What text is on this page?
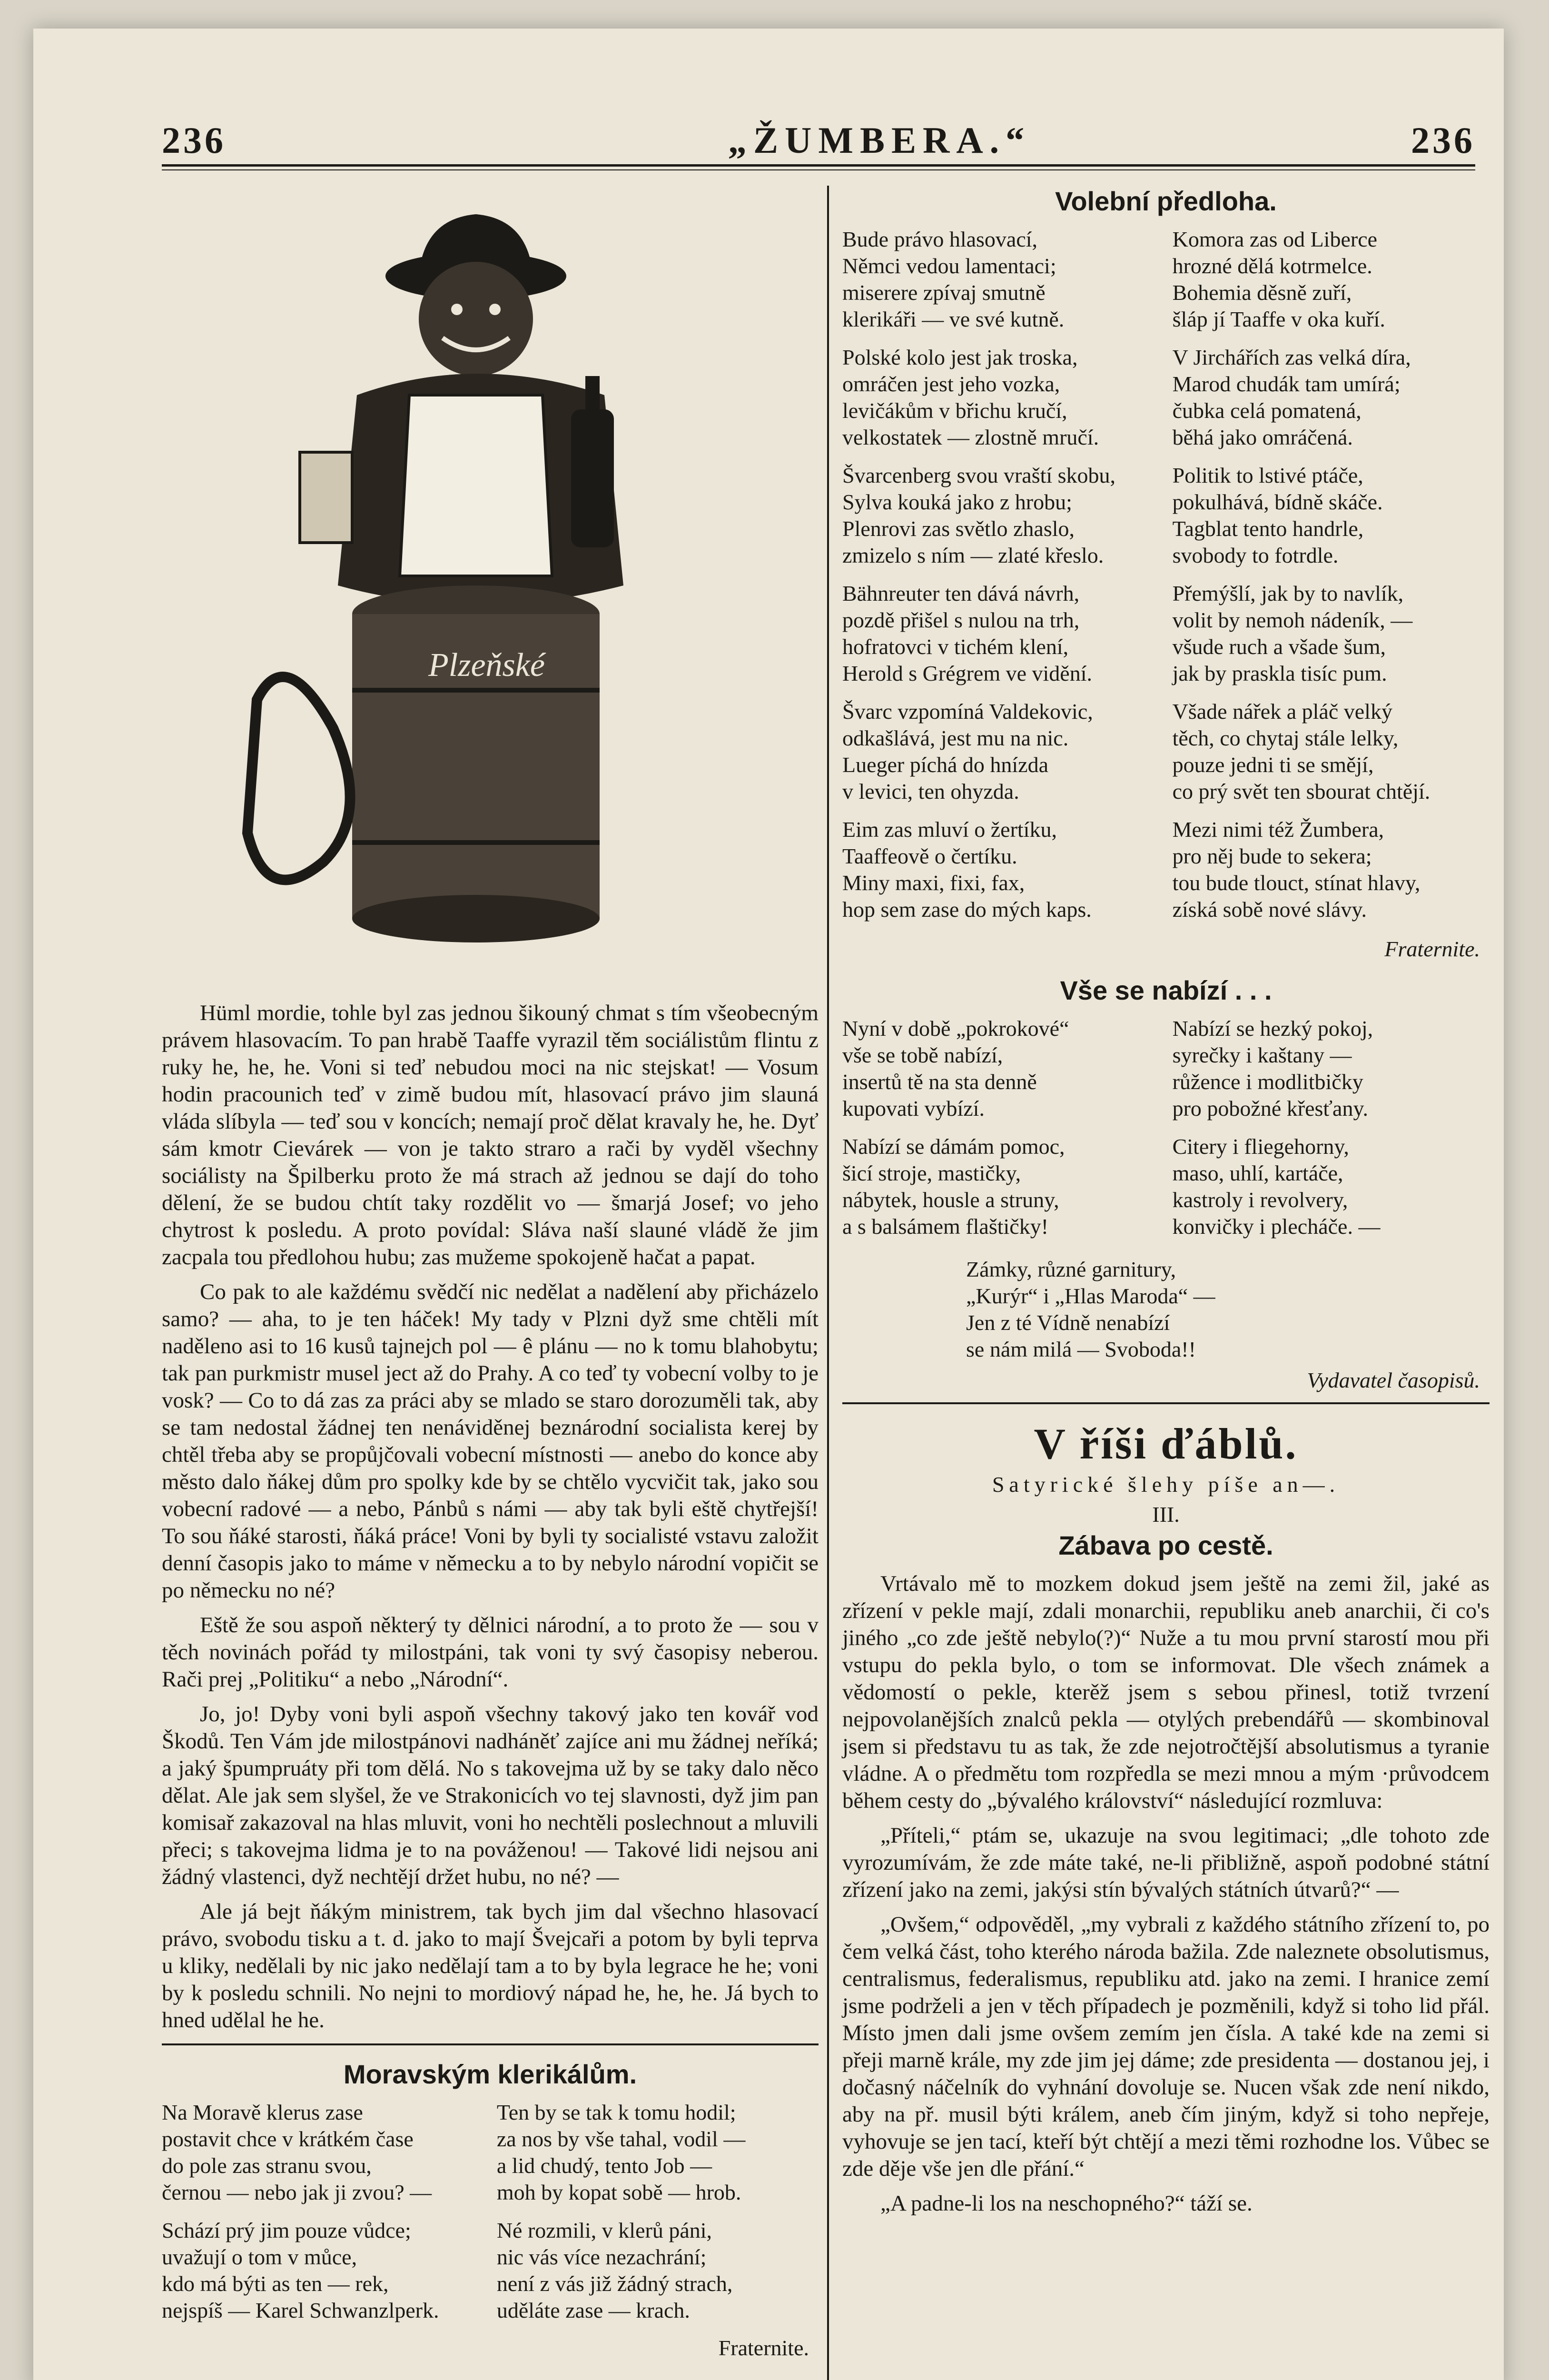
236	„ŽUMBERA.“	236
Plzeňské

Hüml mordie, tohle byl zas jednou šikouný chmat s tím všeobecným právem hlasovacím. To pan hrabě Taaffe vyrazil těm sociálistům flintu z ruky he, he, he. Voni si teď nebudou moci na nic stejskat! — Vosum hodin pracounich teď v zimě budou mít, hlasovací právo jim slauná vláda slíbyla — teď sou v koncích; nemají proč dělat kravaly he, he. Dyť sám kmotr Cievárek — von je takto straro a rači by vyděl všechny sociálisty na Špilberku proto že má strach až jednou se dají do toho dělení, že se budou chtít taky rozdělit vo — šmarjá Josef; vo jeho chytrost k posledu. A proto povídal: Sláva naší slauné vládě že jim zacpala tou předlohou hubu; zas mužeme spokojeně hačat a papat.

Co pak to ale každému svědčí nic nedělat a nadělení aby přicházelo samo? — aha, to je ten háček! My tady v Plzni dyž sme chtěli mít naděleno asi to 16 kusů tajnejch pol — ê plánu — no k tomu blahobytu; tak pan purkmistr musel ject až do Prahy. A co teď ty vobecní volby to je vosk? — Co to dá zas za práci aby se mlado se staro dorozuměli tak, aby se tam nedostal žádnej ten nenáviděnej beznárodní socialista kerej by chtěl třeba aby se propůjčovali vobecní místnosti — anebo do konce aby město dalo ňákej dům pro spolky kde by se chtělo vycvičit tak, jako sou vobecní radové — a nebo, Pánbů s námi — aby tak byli eště chytřejší! To sou ňáké starosti, ňáká práce! Voni by byli ty socialisté vstavu založit denní časopis jako to máme v německu a to by nebylo národní vopičit se po německu no né?

Eště že sou aspoň některý ty dělnici národní, a to proto že — sou v těch novinách pořád ty milostpáni, tak voni ty svý časopisy neberou. Rači prej „Politiku“ a nebo „Národní“.

Jo, jo! Dyby voni byli aspoň všechny takový jako ten kovář vod Škodů. Ten Vám jde milostpánovi nadháněť zajíce ani mu žádnej neříká; a jaký špumpruáty při tom dělá. No s takovejma už by se taky dalo něco dělat. Ale jak sem slyšel, že ve Strakonicích vo tej slavnosti, dyž jim pan komisař zakazoval na hlas mluvit, voni ho nechtěli poslechnout a mluvili přeci; s takovejma lidma je to na pováženou! — Takové lidi nejsou ani žádný vlastenci, dyž nechtějí držet hubu, no né? —

Ale já bejt ňákým ministrem, tak bych jim dal všechno hlasovací právo, svobodu tisku a t. d. jako to mají Švejcaři a potom by byli teprva u kliky, nedělali by nic jako nedělají tam a to by byla legrace he he; voni by k posledu schnili. No nejni to mordiový nápad he, he, he. Já bych to hned udělal he he.

Moravským klerikálům.
Na Moravě klerus zase
postavit chce v krátkém čase
do pole zas stranu svou,
černou — nebo jak ji zvou? —
Schází prý jim pouze vůdce;
uvažují o tom v můce,
kdo má býti as ten — rek,
nejspíš — Karel Schwanzlperk.
Ten by se tak k tomu hodil;
za nos by vše tahal, vodil —
a lid chudý, tento Job —
moh by kopat sobě — hrob.
Né rozmili, v klerů páni,
nic vás více nezachrání;
není z vás již žádný strach,
uděláte zase — krach.
Fraternite.
Volební předloha.
Bude právo hlasovací,
Němci vedou lamentaci;
miserere zpívaj smutně
klerikáři — ve své kutně.
Polské kolo jest jak troska,
omráčen jest jeho vozka,
levičákům v břichu kručí,
velkostatek — zlostně mručí.
Švarcenberg svou vraští skobu,
Sylva kouká jako z hrobu;
Plenrovi zas světlo zhaslo,
zmizelo s ním — zlaté křeslo.
Bähnreuter ten dává návrh,
pozdě přišel s nulou na trh,
hofratovci v tichém klení,
Herold s Grégrem ve vidění.
Švarc vzpomíná Valdekovic,
odkašlává, jest mu na nic.
Lueger píchá do hnízda
v levici, ten ohyzda.
Eim zas mluví o žertíku,
Taaffeově o čertíku.
Miny maxi, fixi, fax,
hop sem zase do mých kaps.
Komora zas od Liberce
hrozné dělá kotrmelce.
Bohemia děsně zuří,
šláp jí Taaffe v oka kuří.
V Jirchářích zas velká díra,
Marod chudák tam umírá;
čubka celá pomatená,
běhá jako omráčená.
Politik to lstivé ptáče,
pokulhává, bídně skáče.
Tagblat tento handrle,
svobody to fotrdle.
Přemýšlí, jak by to navlík,
volit by nemoh nádeník, —
všude ruch a všade šum,
jak by praskla tisíc pum.
Všade nářek a pláč velký
těch, co chytaj stále lelky,
pouze jedni ti se smějí,
co prý svět ten sbourat chtějí.
Mezi nimi též Žumbera,
pro něj bude to sekera;
tou bude tlouct, stínat hlavy,
získá sobě nové slávy.
Fraternite.
Vše se nabízí . . .
Nyní v době „pokrokové“
vše se tobě nabízí,
insertů tě na sta denně
kupovati vybízí.
Nabízí se dámám pomoc,
šicí stroje, mastičky,
nábytek, housle a struny,
a s balsámem flaštičky!
Nabízí se hezký pokoj,
syrečky i kaštany —
růžence i modlitbičky
pro pobožné křesťany.
Citery i fliegehorny,
maso, uhlí, kartáče,
kastroly i revolvery,
konvičky i plecháče. —
Zámky, různé garnitury,
„Kurýr“ i „Hlas Maroda“ —
Jen z té Vídně nenabízí
se nám milá — Svoboda!!
Vydavatel časopisů.
V říši ďáblů.
Satyrické šlehy píše an—.
III.
Zábava po cestě.

Vrtávalo mě to mozkem dokud jsem ještě na zemi žil, jaké as zřízení v pekle mají, zdali monarchii, republiku aneb anarchii, či co's jiného „co zde ještě nebylo(?)“ Nuže a tu mou první starostí mou při vstupu do pekla bylo, o tom se informovat. Dle všech známek a vědomostí o pekle, kterěž jsem s sebou přinesl, totiž tvrzení nejpovolanějších znalců pekla — otylých prebendářů — skombinoval jsem si představu tu as tak, že zde nejotročtější absolutismus a tyranie vládne. A o předmětu tom rozpředla se mezi mnou a mým ·průvodcem během cesty do „bývalého království“ následující rozmluva:

„Příteli,“ ptám se, ukazuje na svou legitimaci; „dle tohoto zde vyrozumívám, že zde máte také, ne-li přibližně, aspoň podobné státní zřízení jako na zemi, jakýsi stín bývalých státních útvarů?“ —

„Ovšem,“ odpověděl, „my vybrali z každého státního zřízení to, po čem velká část, toho kterého národa bažila. Zde naleznete obsolutismus, centralismus, federalismus, republiku atd. jako na zemi. I hranice zemí jsme podrželi a jen v těch případech je pozměnili, když si toho lid přál. Místo jmen dali jsme ovšem zemím jen čísla. A také kde na zemi si přeji marně krále, my zde jim jej dáme; zde presidenta — dostanou jej, i dočasný náčelník do vyhnání dovoluje se. Nucen však zde není nikdo, aby na př. musil býti králem, aneb čím jiným, když si toho nepřeje, vyhovuje se jen tací, kteří být chtějí a mezi těmi rozhodne los. Vůbec se zde děje vše jen dle přání.“

„A padne-li los na neschopného?“ táží se.
